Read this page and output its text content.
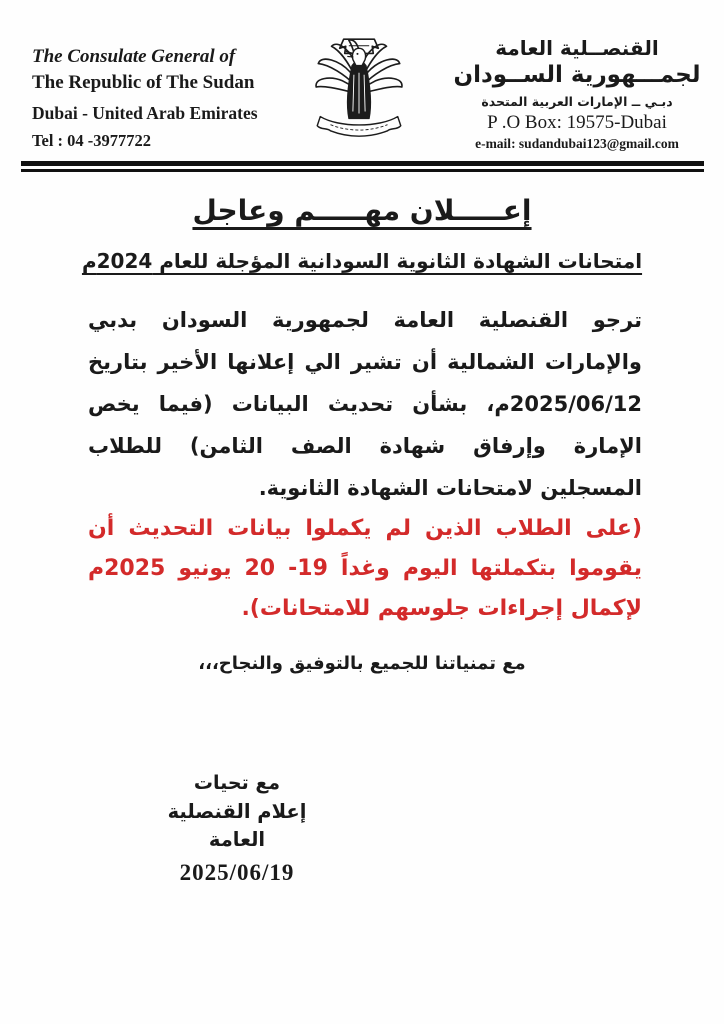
The Consulate General of
The Republic of The Sudan
Dubai - United Arab Emirates
Tel : 04 -3977722
القنصــلية العامة
لجمـــهورية الســودان
دبـي ــ الإمارات العربية المتحدة
P .O Box: 19575-Dubai
e-mail: sudandubai123@gmail.com
إعـــــلان مهـــــم وعاجل
امتحانات الشهادة الثانوية السودانية المؤجلة للعام 2024م

ترجو القنصلية العامة لجمهورية السودان بدبي والإمارات الشمالية أن تشير الي إعلانها الأخير بتاريخ 2025/06/12م، بشأن تحديث البيانات (فيما يخص الإمارة وإرفاق شهادة الصف الثامن) للطلاب المسجلين لامتحانات الشهادة الثانوية.

(على الطلاب الذين لم يكملوا بيانات التحديث أن يقوموا بتكملتها اليوم وغداً 19- 20 يونيو 2025م لإكمال إجراءات جلوسهم للامتحانات).

مع تمنياتنا للجميع بالتوفيق والنجاح،،،
مع تحيات
إعلام القنصلية العامة
2025/06/19
